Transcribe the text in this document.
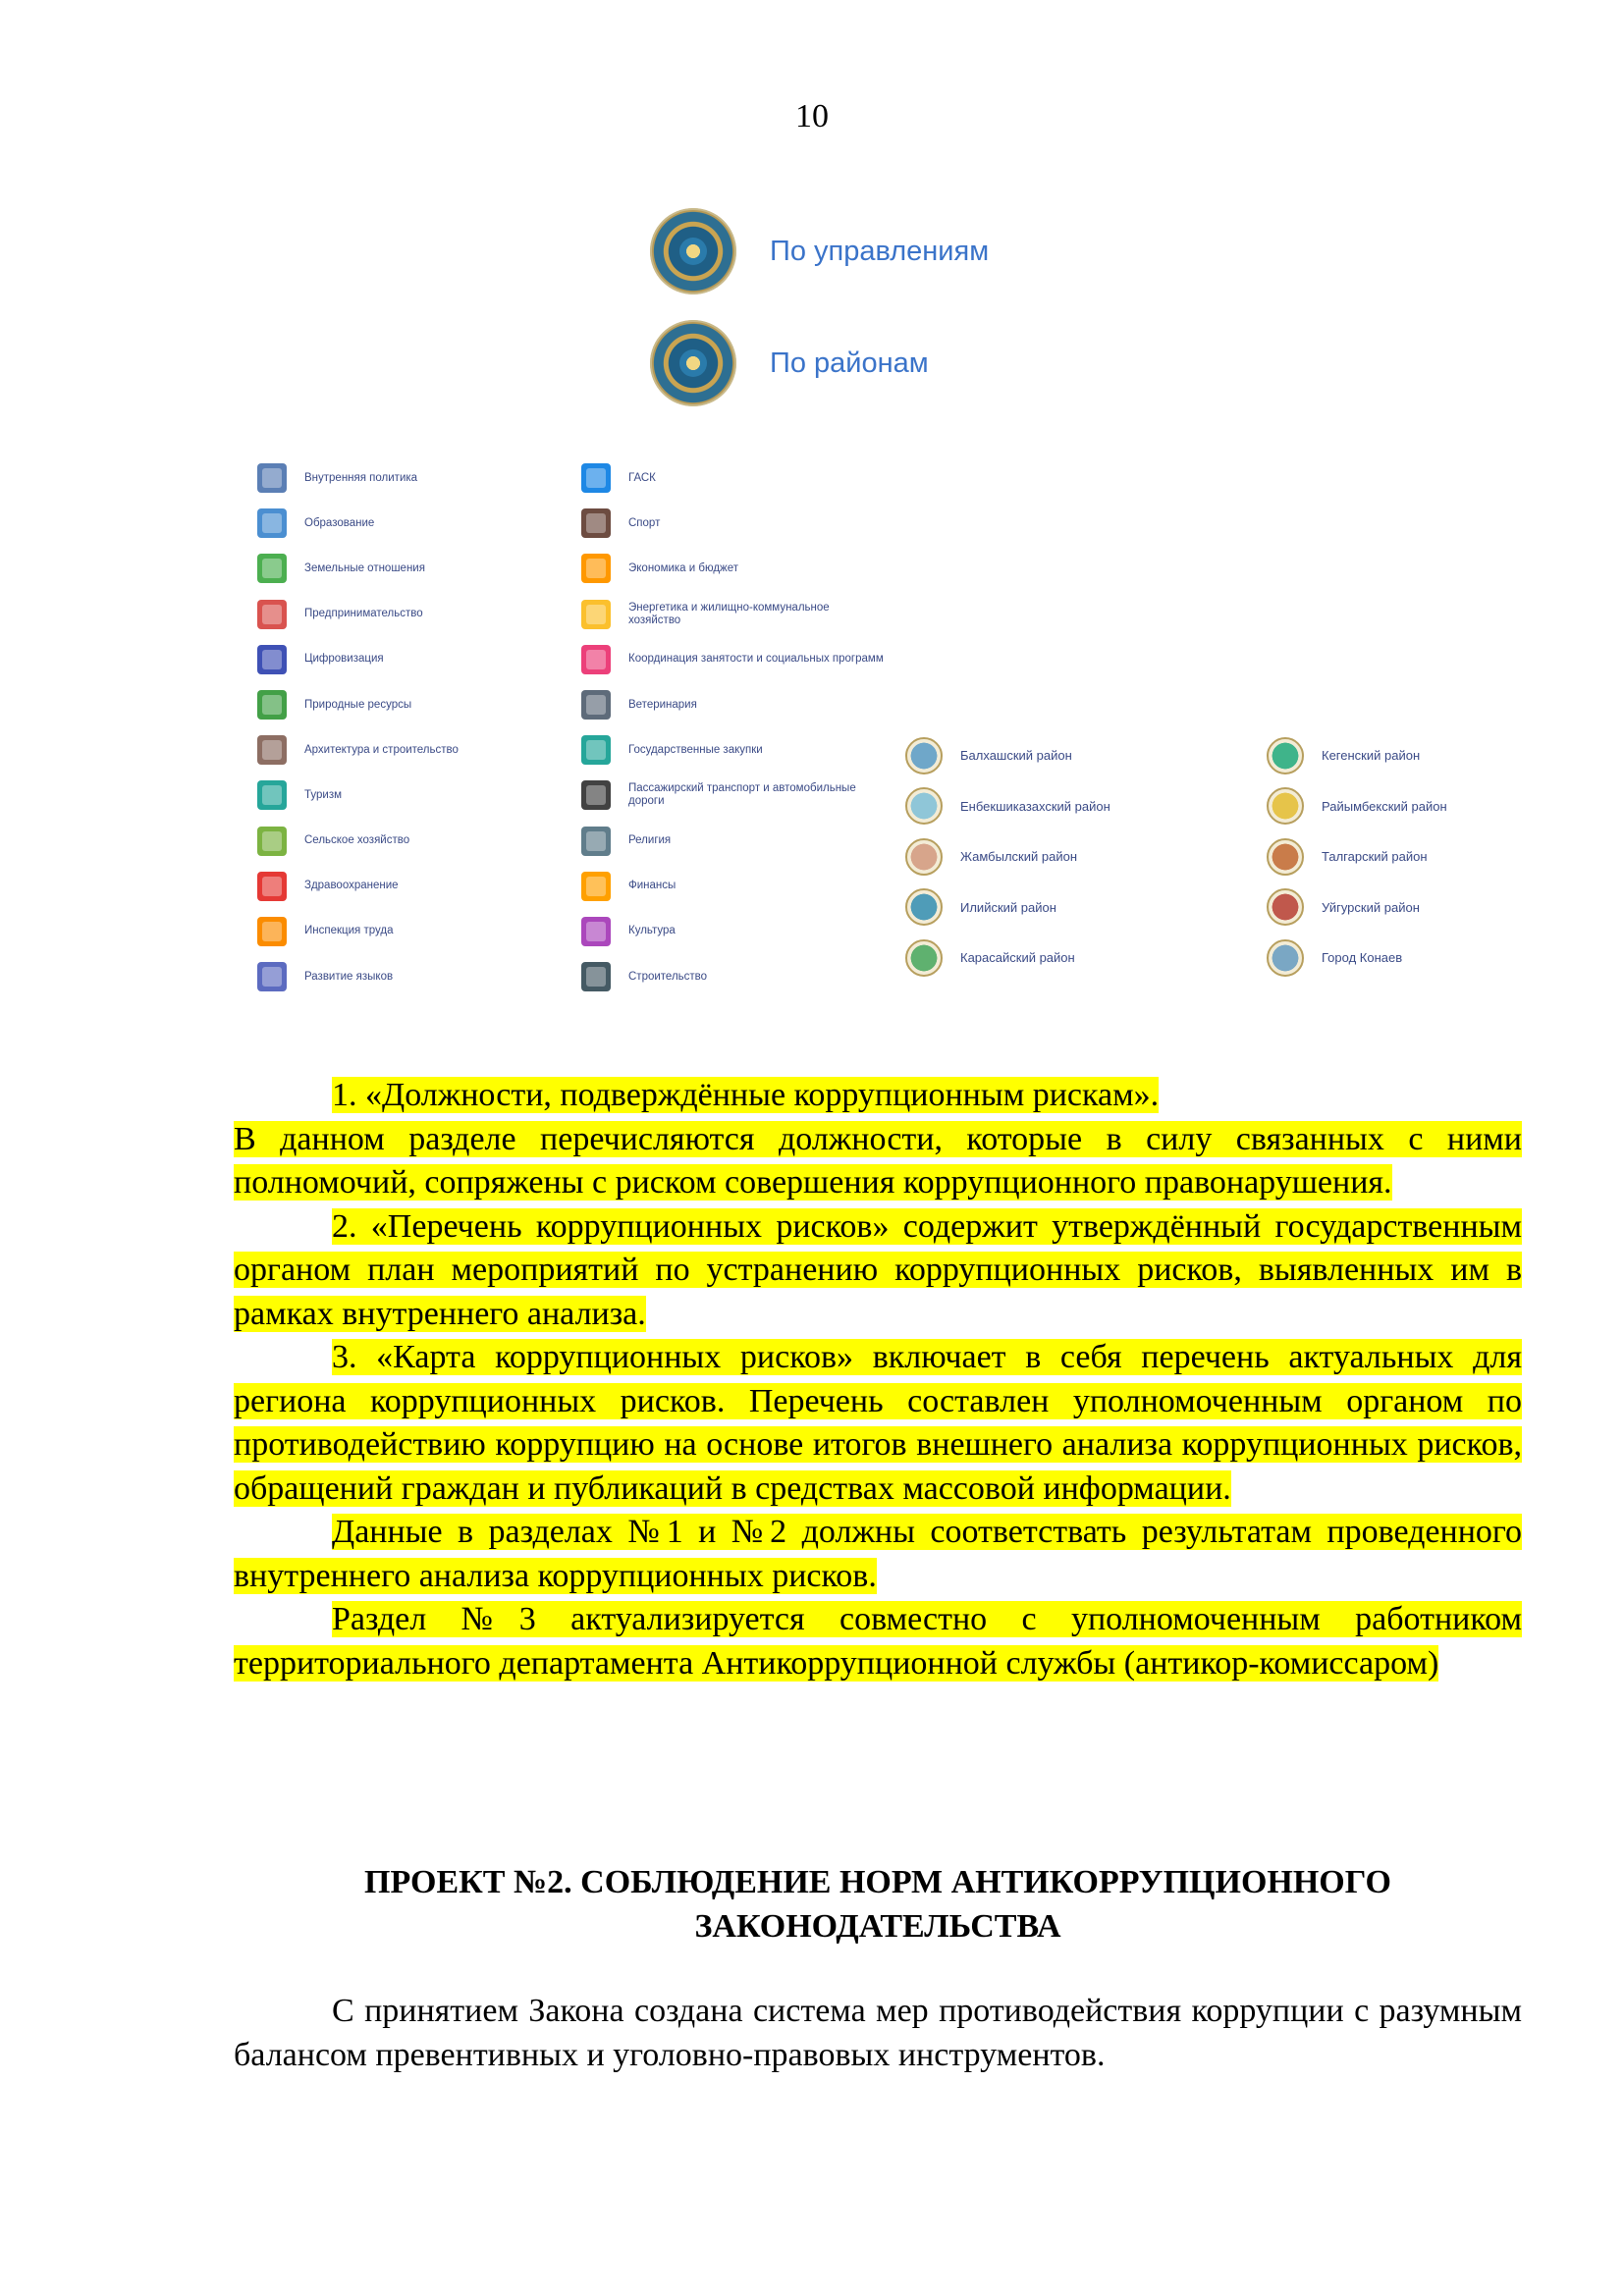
10
По управлениям
По районам
Внутренняя политика
Образование
Земельные отношения
Предпринимательство
Цифровизация
Природные ресурсы
Архитектура и строительство
Туризм
Сельское хозяйство
Здравоохранение
Инспекция труда
Развитие языков
ГАСК
Спорт
Экономика и бюджет
Энергетика и жилищно-коммунальное хозяйство
Координация занятости и социальных программ
Ветеринария
Государственные закупки
Пассажирский транспорт и автомобильные дороги
Религия
Финансы
Культура
Строительство
Балхашский район
Енбекшиказахский район
Жамбылский район
Илийский район
Карасайский район
Кегенский район
Райымбекский район
Талгарский район
Уйгурский район
Город Конаев

1. «Должности, подверждённые коррупционным рискам».

В данном разделе перечисляются должности, которые в силу связанных с ними полномочий, сопряжены с риском совершения коррупционного правонарушения.

2. «Перечень коррупционных рисков» содержит утверждённый государственным органом план мероприятий по устранению коррупционных рисков, выявленных им в рамках внутреннего анализа.

3. «Карта коррупционных рисков» включает в себя перечень актуальных для региона коррупционных рисков. Перечень составлен уполномоченным органом по противодействию коррупцию на основе итогов внешнего анализа коррупционных рисков, обращений граждан и публикаций в средствах массовой информации.

Данные в разделах №1 и №2 должны соответствать результатам проведенного внутреннего анализа коррупционных рисков.

Раздел №3 актуализируется совместно с уполномоченным работником территориального департамента Антикоррупционной службы (антикор-комиссаром)

ПРОЕКТ №2. СОБЛЮДЕНИЕ НОРМ АНТИКОРРУПЦИОННОГО
ЗАКОНОДАТЕЛЬСТВА

С принятием Закона создана система мер противодействия коррупции с разумным балансом превентивных и уголовно-правовых инструментов.
